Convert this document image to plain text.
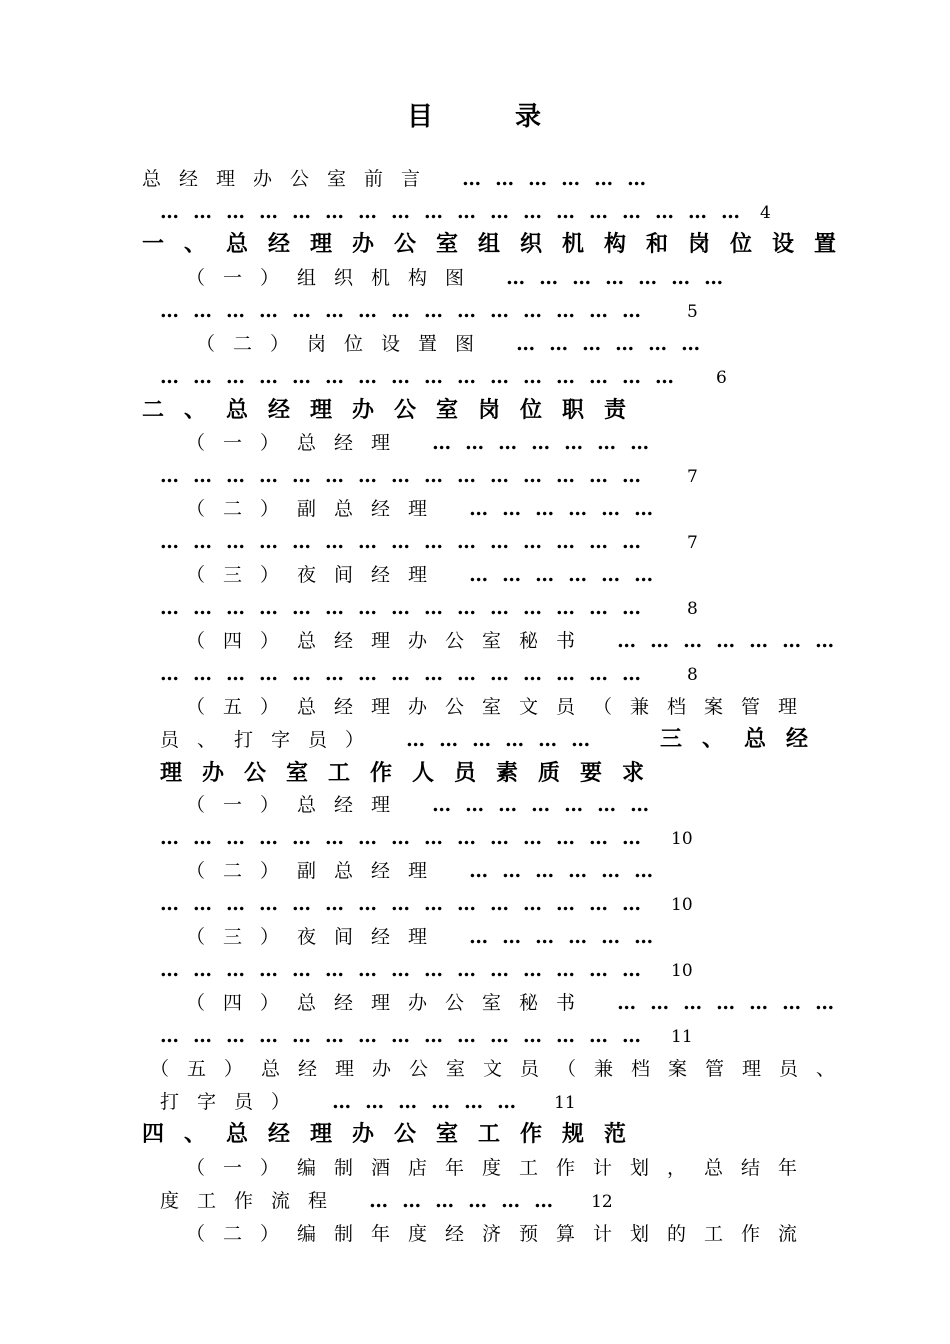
目	录
总经理办公室前言 ………………
……………………………………………… 4
一、总经理办公室组织机构和岗位设置
（一）组织机构图 …………………
……………………………………… 5
（二）岗位设置图 ………………
………………………………………… 6
二、总经理办公室岗位职责
（一）总经理 …………………
……………………………………… 7
（二）副总经理 ………………
……………………………………… 7
（三）夜间经理 ………………
……………………………………… 8
（四）总经理办公室秘书 …………………
……………………………………… 8
（五）总经理办公室文员（兼档案管理
员、打字员） ………………	三、总经
理办公室工作人员素质要求
（一）总经理 …………………
……………………………………… 10
（二）副总经理 ………………
……………………………………… 10
（三）夜间经理 ………………
……………………………………… 10
（四）总经理办公室秘书 …………………
……………………………………… 11
（五）总经理办公室文员（兼档案管理员、
打字员） ……………… 11
四、总经理办公室工作规范
（一）编制酒店年度工作计划，总结年
度工作流程 ……………… 12
（二）编制年度经济预算计划的工作流
